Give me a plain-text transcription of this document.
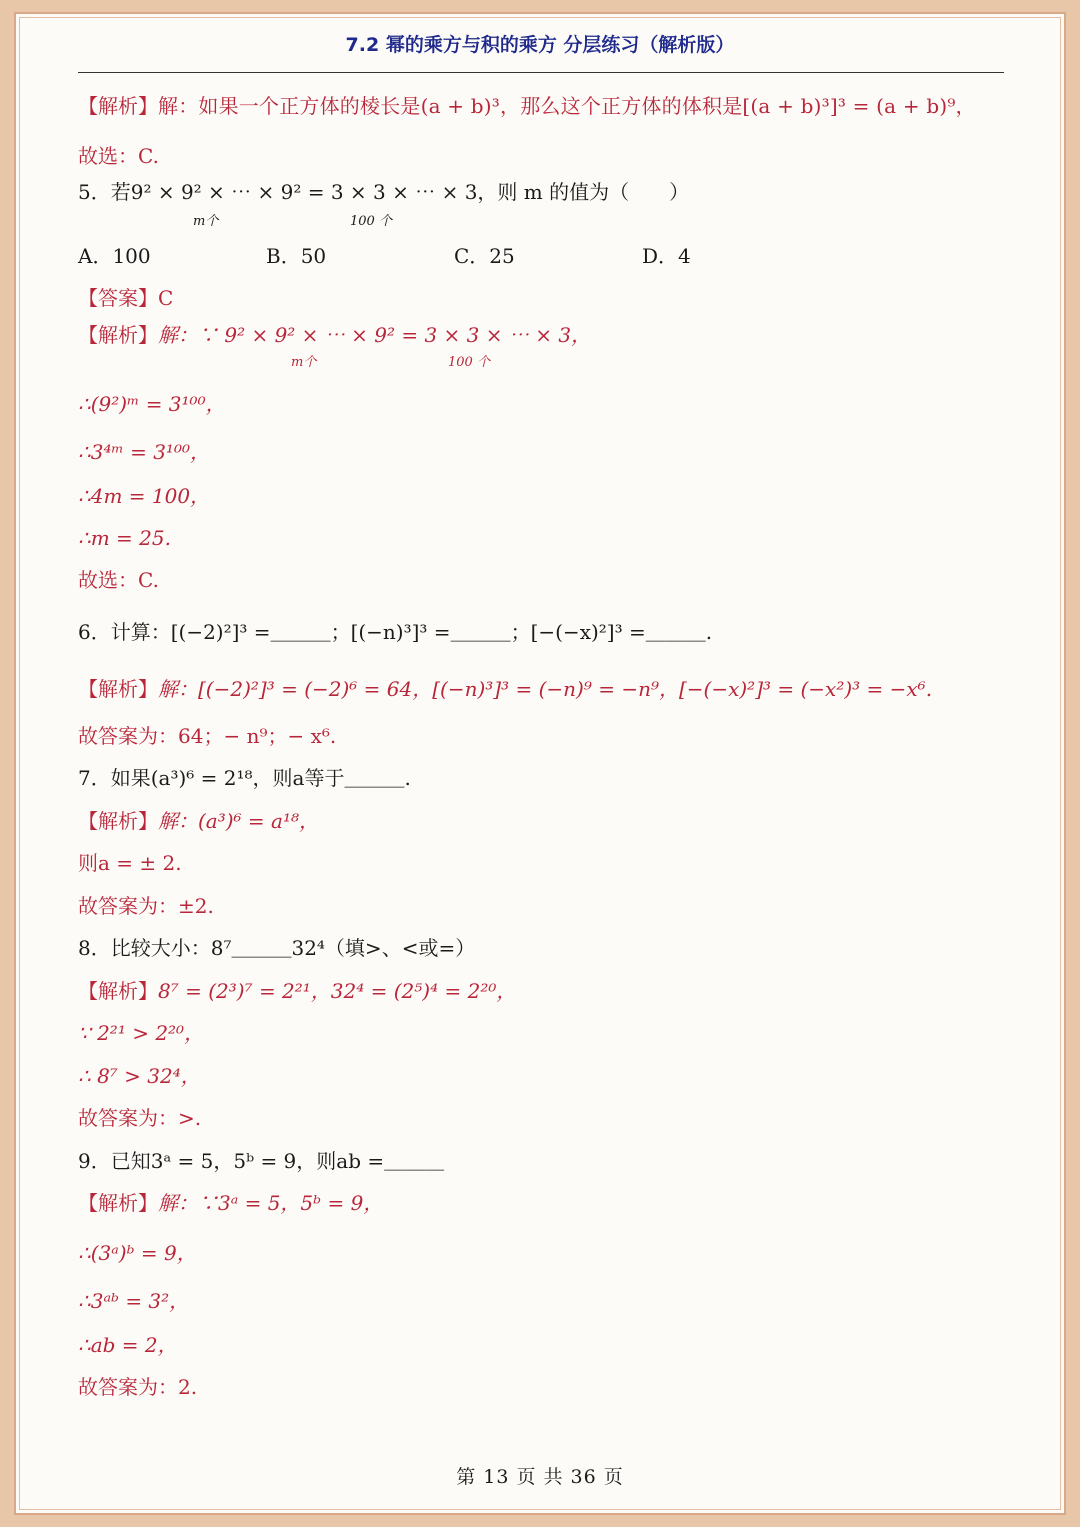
7.2 幂的乘方与积的乘方 分层练习（解析版）
【解析】解：如果一个正方体的棱长是(a + b)³，那么这个正方体的体积是[(a + b)³]³ = (a + b)⁹，
故选：C.
5．若9² × 9² × ⋯ × 9² = 3 × 3 × ⋯ × 3，则 m 的值为（　　）
m个	100 个
A．100	B．50	C．25	D．4
【答案】C
【解析】解：∵ 9² × 9² × ⋯ × 9² = 3 × 3 × ⋯ × 3，
m个	100 个
∴(9²)ᵐ = 3¹⁰⁰，
∴3⁴ᵐ = 3¹⁰⁰，
∴4m = 100，
∴m = 25.
故选：C.
6．计算：[(−2)²]³ =＿＿＿；[(−n)³]³ =＿＿＿；[−(−x)²]³ =＿＿＿.
【解析】解：[(−2)²]³ = (−2)⁶ = 64，[(−n)³]³ = (−n)⁹ = −n⁹，[−(−x)²]³ = (−x²)³ = −x⁶.
故答案为：64；− n⁹；− x⁶.
7．如果(a³)⁶ = 2¹⁸，则a等于＿＿＿.
【解析】解：(a³)⁶ = a¹⁸，
则a = ± 2.
故答案为：±2.
8．比较大小：8⁷＿＿＿32⁴（填>、<或=）
【解析】8⁷ = (2³)⁷ = 2²¹，32⁴ = (2⁵)⁴ = 2²⁰，
∵ 2²¹ > 2²⁰，
∴ 8⁷ > 32⁴，
故答案为：>.
9．已知3ᵃ = 5，5ᵇ = 9，则ab =＿＿＿
【解析】解：∵3ᵃ = 5，5ᵇ = 9，
∴(3ᵃ)ᵇ = 9，
∴3ᵃᵇ = 3²，
∴ab = 2，
故答案为：2.
第 13 页 共 36 页
